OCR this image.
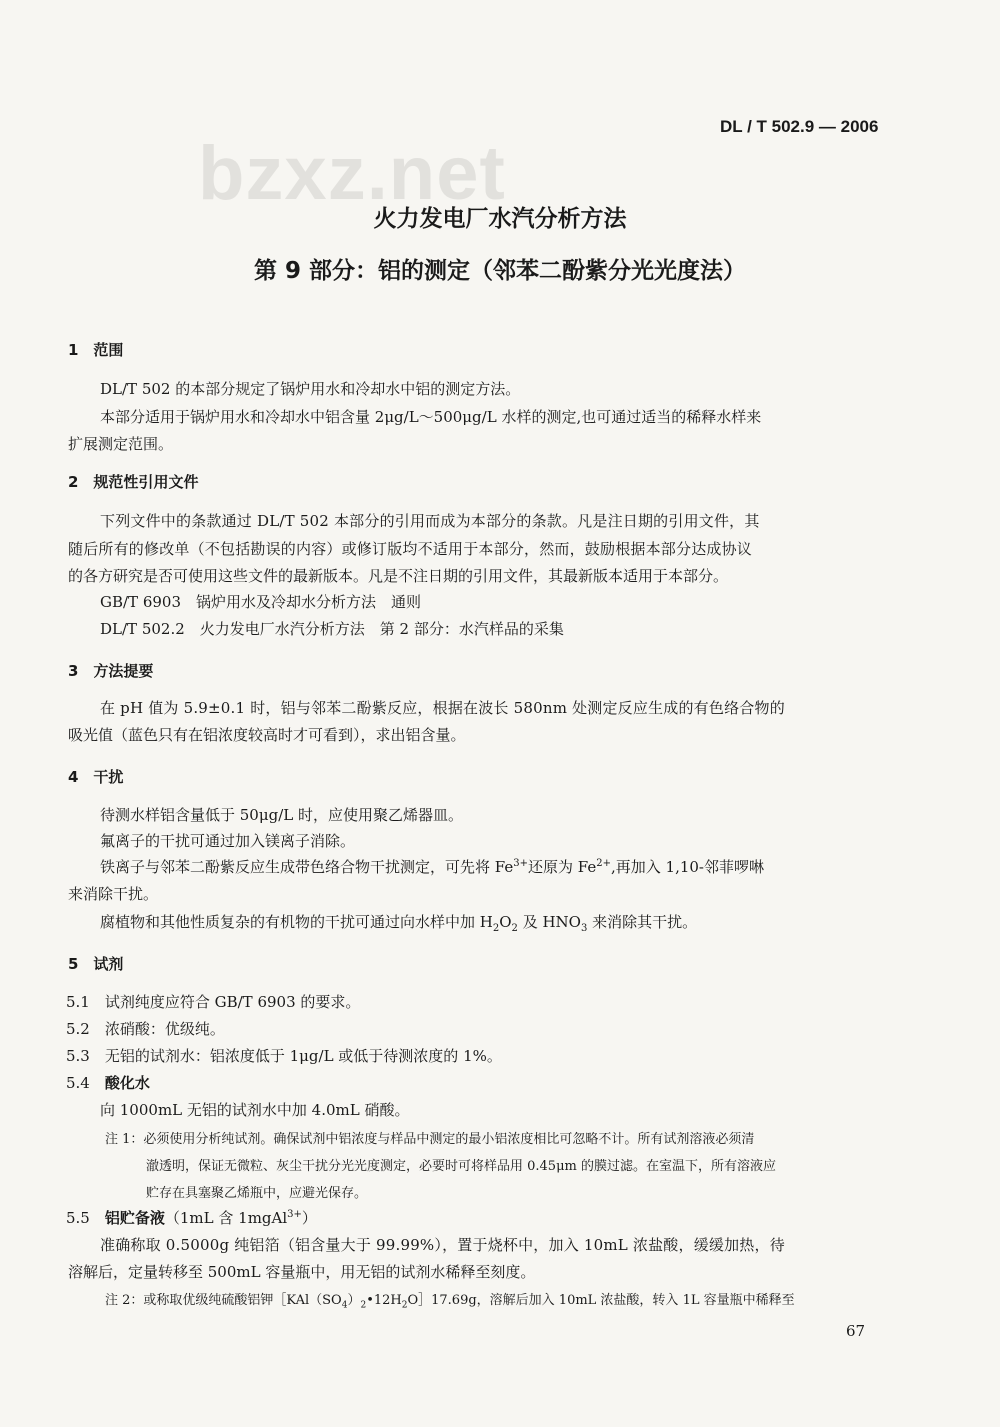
bzxz.net
DL / T 502.9 — 2006
火力发电厂水汽分析方法
第 9 部分：铝的测定（邻苯二酚紫分光光度法）
1　范围
DL/T 502 的本部分规定了锅炉用水和冷却水中铝的测定方法。
本部分适用于锅炉用水和冷却水中铝含量 2μg/L～500μg/L 水样的测定,也可通过适当的稀释水样来
扩展测定范围。
2　规范性引用文件
下列文件中的条款通过 DL/T 502 本部分的引用而成为本部分的条款。凡是注日期的引用文件，其
随后所有的修改单（不包括勘误的内容）或修订版均不适用于本部分，然而，鼓励根据本部分达成协议
的各方研究是否可使用这些文件的最新版本。凡是不注日期的引用文件，其最新版本适用于本部分。
GB/T 6903　锅炉用水及冷却水分析方法　通则
DL/T 502.2　火力发电厂水汽分析方法　第 2 部分：水汽样品的采集
3　方法提要
在 pH 值为 5.9±0.1 时，铝与邻苯二酚紫反应，根据在波长 580nm 处测定反应生成的有色络合物的
吸光值（蓝色只有在铝浓度较高时才可看到），求出铝含量。
4　干扰
待测水样铝含量低于 50μg/L 时，应使用聚乙烯器皿。
氟离子的干扰可通过加入镁离子消除。
铁离子与邻苯二酚紫反应生成带色络合物干扰测定，可先将 $Fe^{3+}$还原为 $Fe^{2+}$,再加入 1,10-邻菲啰啉
来消除干扰。
腐植物和其他性质复杂的有机物的干扰可通过向水样中加 $H_2O_2$ 及 $HNO_3$ 来消除其干扰。
5　试剂
5.1　试剂纯度应符合 GB/T 6903 的要求。
5.2　浓硝酸：优级纯。
5.3　无铝的试剂水：铝浓度低于 1μg/L 或低于待测浓度的 1%。
5.4　 酸化水
向 1000mL 无铝的试剂水中加 4.0mL 硝酸。
注 1：必须使用分析纯试剂。确保试剂中铝浓度与样品中测定的最小铝浓度相比可忽略不计。所有试剂溶液必须清
澈透明，保证无微粒、灰尘干扰分光光度测定，必要时可将样品用 0.45μm 的膜过滤。在室温下，所有溶液应
贮存在具塞聚乙烯瓶中，应避光保存。
5.5　 铝贮备液（1mL 含 1mgAl$^{3+}$）
准确称取 0.5000g 纯铝箔（铝含量大于 99.99%），置于烧杯中，加入 10mL 浓盐酸，缓缓加热，待
溶解后，定量转移至 500mL 容量瓶中，用无铝的试剂水稀释至刻度。
注 2：或称取优级纯硫酸铝钾$[KAl(SO_4)_2•12H_2O]17.69g$，溶解后加入 10mL 浓盐酸，转入 1L 容量瓶中稀释至
67
